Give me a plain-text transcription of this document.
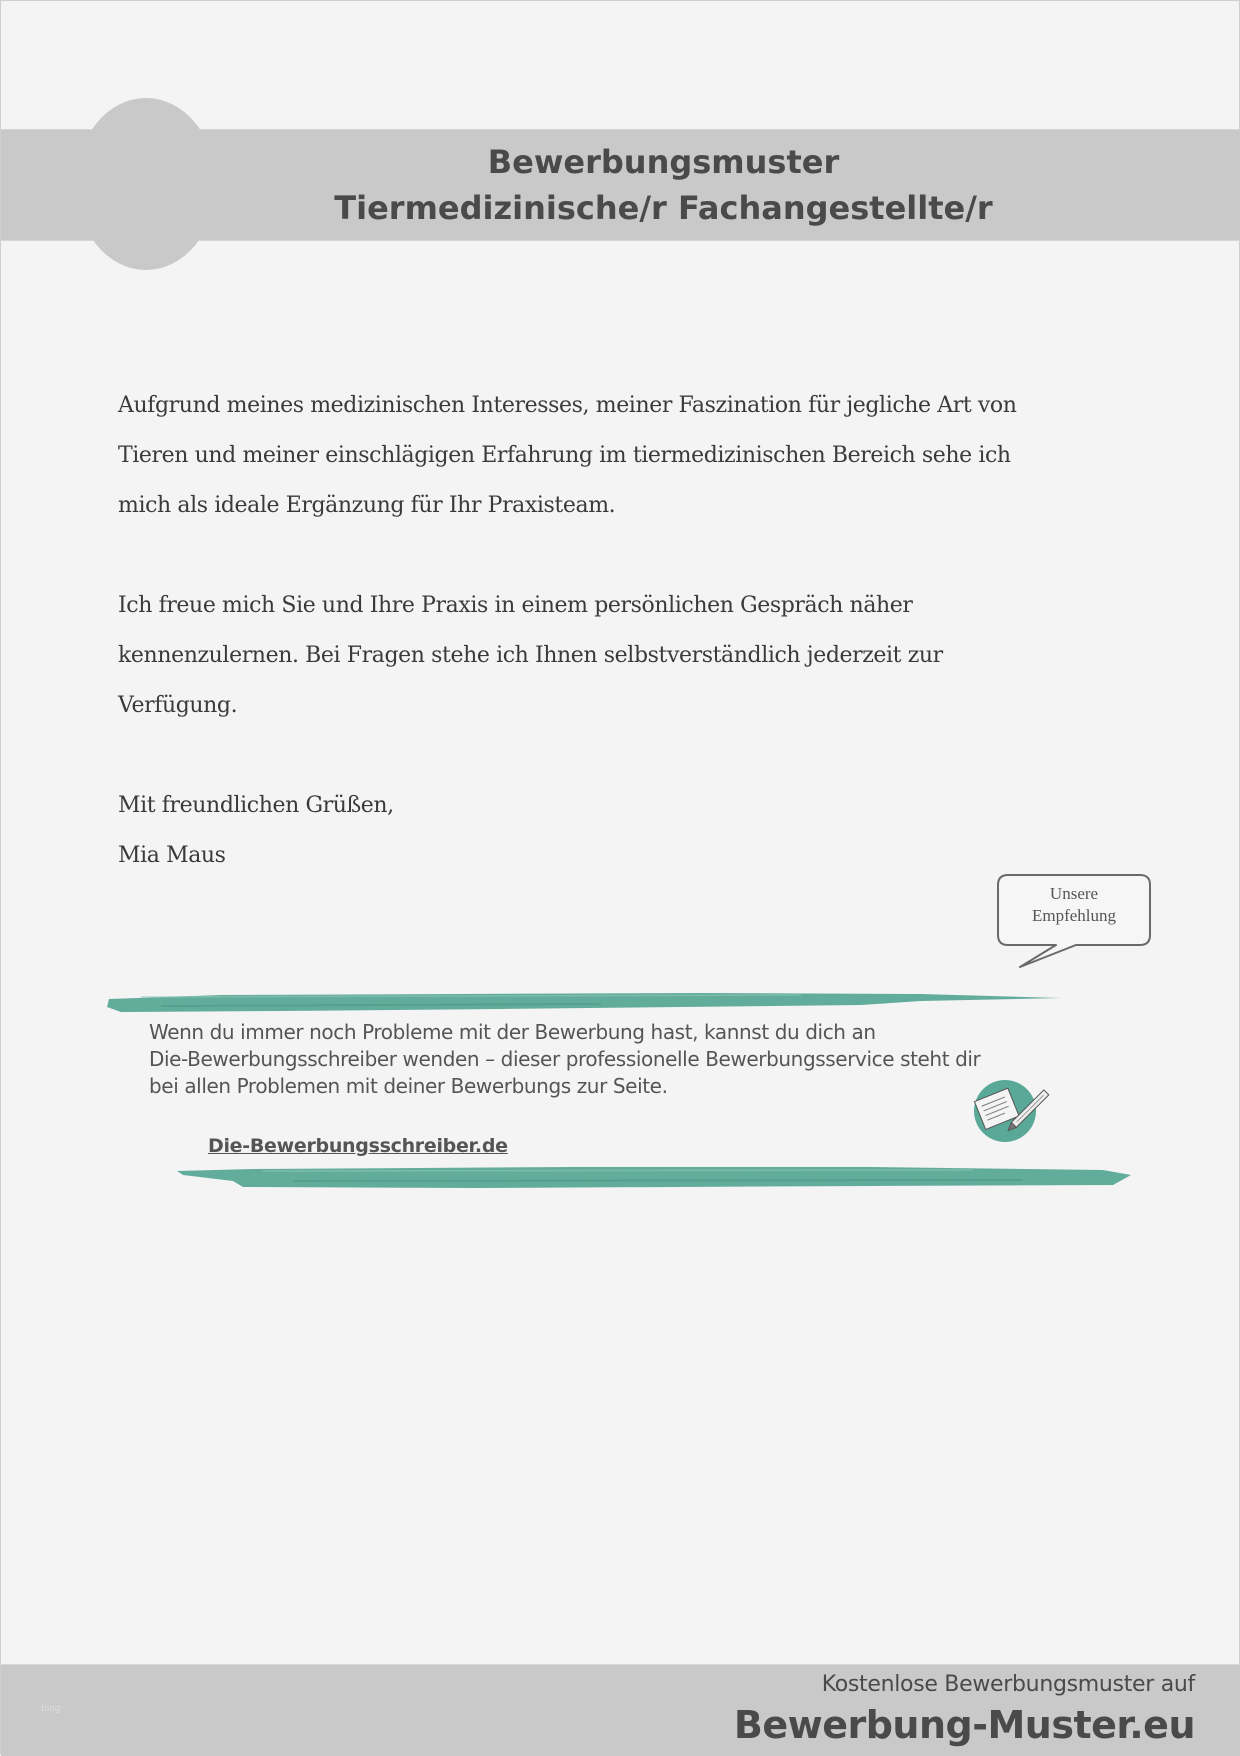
Bewerbungsmuster
Tiermedizinische/r Fachangestellte/r
Aufgrund meines medizinischen Interesses, meiner Faszination für jegliche Art von
Tieren und meiner einschlägigen Erfahrung im tiermedizinischen Bereich sehe ich
mich als ideale Ergänzung für Ihr Praxisteam.
Ich freue mich Sie und Ihre Praxis in einem persönlichen Gespräch näher
kennenzulernen. Bei Fragen stehe ich Ihnen selbstverständlich jederzeit zur
Verfügung.
Mit freundlichen Grüßen,
Mia Maus
Unsere
Empfehlung
Wenn du immer noch Probleme mit der Bewerbung hast, kannst du dich an
Die-Bewerbungsschreiber wenden – dieser professionelle Bewerbungsservice steht dir
bei allen Problemen mit deiner Bewerbungs zur Seite.
Die-Bewerbungsschreiber.de
blog
Kostenlose Bewerbungsmuster auf
Bewerbung-Muster.eu
